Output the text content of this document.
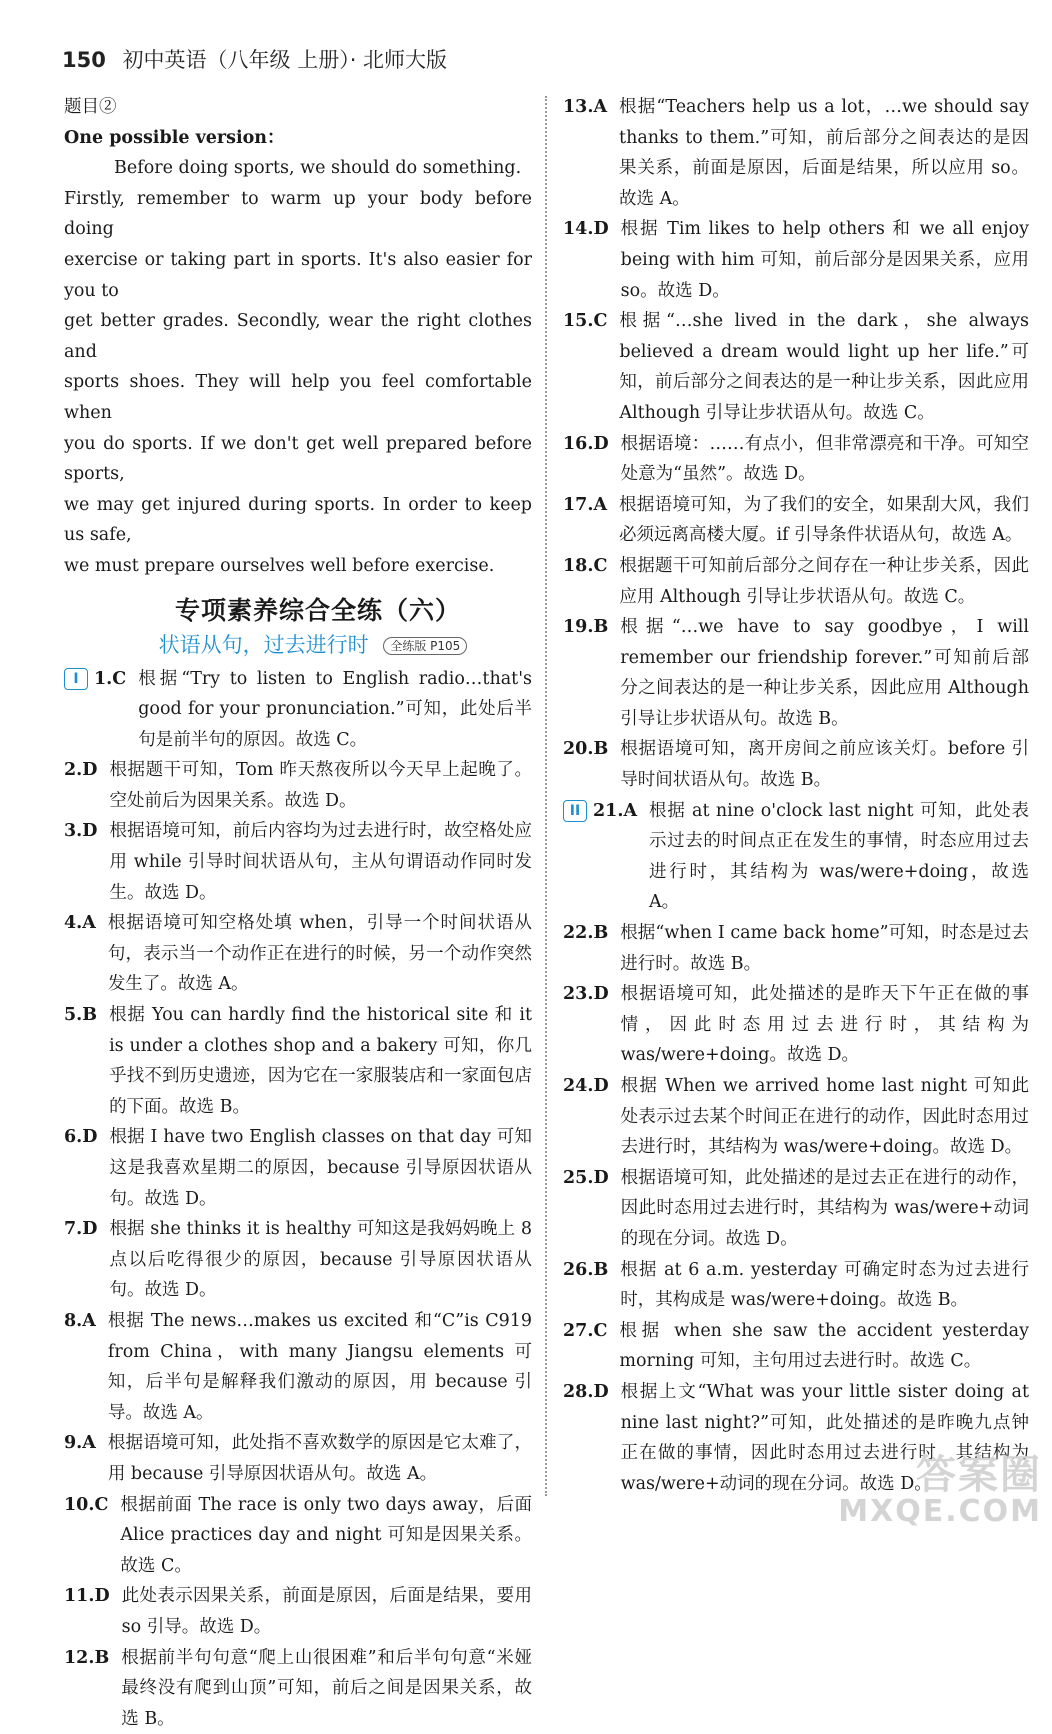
150 初中英语（八年级 上册）· 北师大版

题目②

One possible version：

Before doing sports, we should do something.

Firstly, remember to warm up your body before doing
exercise or taking part in sports. It's also easier for you to
get better grades. Secondly, wear the right clothes and
sports shoes. They will help you feel comfortable when
you do sports. If we don't get well prepared before sports,
we may get injured during sports. In order to keep us safe,
we must prepare ourselves well before exercise.
专项素养综合全练（六）
状语从句，过去进行时 全练版 P105
I 1.C 根据“Try to listen to English radio…that's good for your pronunciation.”可知，此处后半句是前半句的原因。故选 C。
2.D 根据题干可知，Tom 昨天熬夜所以今天早上起晚了。空处前后为因果关系。故选 D。
3.D 根据语境可知，前后内容均为过去进行时，故空格处应用 while 引导时间状语从句，主从句谓语动作同时发生。故选 D。
4.A 根据语境可知空格处填 when，引导一个时间状语从句，表示当一个动作正在进行的时候，另一个动作突然发生了。故选 A。
5.B 根据 You can hardly find the historical site 和 it is under a clothes shop and a bakery 可知，你几乎找不到历史遗迹，因为它在一家服装店和一家面包店的下面。故选 B。
6.D 根据 I have two English classes on that day 可知这是我喜欢星期二的原因，because 引导原因状语从句。故选 D。
7.D 根据 she thinks it is healthy 可知这是我妈妈晚上 8 点以后吃得很少的原因，because 引导原因状语从句。故选 D。
8.A 根据 The news…makes us excited 和“C”is C919 from China，with many Jiangsu elements 可知，后半句是解释我们激动的原因，用 because 引导。故选 A。
9.A 根据语境可知，此处指不喜欢数学的原因是它太难了，用 because 引导原因状语从句。故选 A。
10.C 根据前面 The race is only two days away，后面 Alice practices day and night 可知是因果关系。故选 C。
11.D 此处表示因果关系，前面是原因，后面是结果，要用 so 引导。故选 D。
12.B 根据前半句句意“爬上山很困难”和后半句句意“米娅最终没有爬到山顶”可知，前后之间是因果关系，故选 B。
13.A 根据“Teachers help us a lot，…we should say thanks to them.”可知，前后部分之间表达的是因果关系，前面是原因，后面是结果，所以应用 so。故选 A。
14.D 根据 Tim likes to help others 和 we all enjoy being with him 可知，前后部分是因果关系，应用 so。故选 D。
15.C 根据“…she lived in the dark，she always believed a dream would light up her life.”可知，前后部分之间表达的是一种让步关系，因此应用 Although 引导让步状语从句。故选 C。
16.D 根据语境：……有点小，但非常漂亮和干净。可知空处意为“虽然”。故选 D。
17.A 根据语境可知，为了我们的安全，如果刮大风，我们必须远离高楼大厦。if 引导条件状语从句，故选 A。
18.C 根据题干可知前后部分之间存在一种让步关系，因此应用 Although 引导让步状语从句。故选 C。
19.B 根据“…we have to say goodbye，I will remember our friendship forever.”可知前后部分之间表达的是一种让步关系，因此应用 Although 引导让步状语从句。故选 B。
20.B 根据语境可知，离开房间之前应该关灯。before 引导时间状语从句。故选 B。
II 21.A 根据 at nine o'clock last night 可知，此处表示过去的时间点正在发生的事情，时态应用过去进行时，其结构为 was/were+doing，故选 A。
22.B 根据“when I came back home”可知，时态是过去进行时。故选 B。
23.D 根据语境可知，此处描述的是昨天下午正在做的事情，因此时态用过去进行时，其结构为 was/were+doing。故选 D。
24.D 根据 When we arrived home last night 可知此处表示过去某个时间正在进行的动作，因此时态用过去进行时，其结构为 was/were+doing。故选 D。
25.D 根据语境可知，此处描述的是过去正在进行的动作，因此时态用过去进行时，其结构为 was/were+动词的现在分词。故选 D。
26.B 根据 at 6 a.m. yesterday 可确定时态为过去进行时，其构成是 was/were+doing。故选 B。
27.C 根据 when she saw the accident yesterday morning 可知，主句用过去进行时。故选 C。
28.D 根据上文“What was your little sister doing at nine last night?”可知，此处描述的是昨晚九点钟正在做的事情，因此时态用过去进行时，其结构为 was/were+动词的现在分词。故选 D。
答案圈
MXQE.COM
